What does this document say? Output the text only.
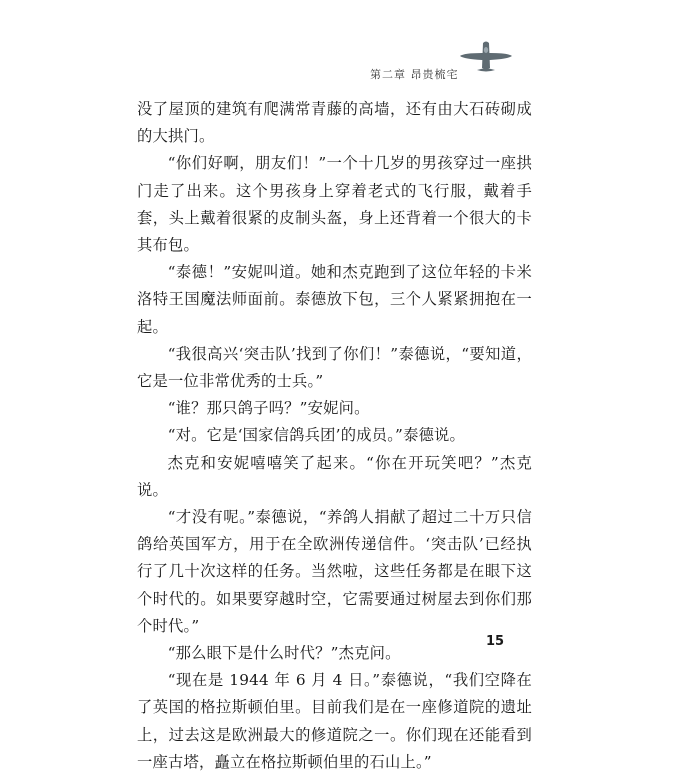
第二章 昂贵梳宅

没了屋顶的建筑有爬满常青藤的高墙，还有由大石砖砌成的大拱门。

“你们好啊，朋友们！”一个十几岁的男孩穿过一座拱门走了出来。这个男孩身上穿着老式的飞行服，戴着手套，头上戴着很紧的皮制头盔，身上还背着一个很大的卡其布包。

“泰德！”安妮叫道。她和杰克跑到了这位年轻的卡米洛特王国魔法师面前。泰德放下包，三个人紧紧拥抱在一起。

“我很高兴‘突击队’找到了你们！”泰德说，“要知道，它是一位非常优秀的士兵。”

“谁？那只鸽子吗？”安妮问。

“对。它是‘国家信鸽兵团’的成员。”泰德说。

杰克和安妮嘻嘻笑了起来。“你在开玩笑吧？”杰克说。

“才没有呢。”泰德说，“养鸽人捐献了超过二十万只信鸽给英国军方，用于在全欧洲传递信件。‘突击队’已经执行了几十次这样的任务。当然啦，这些任务都是在眼下这个时代的。如果要穿越时空，它需要通过树屋去到你们那个时代。”

“那么眼下是什么时代？”杰克问。

“现在是 1944 年 6 月 4 日。”泰德说，“我们空降在了英国的格拉斯顿伯里。目前我们是在一座修道院的遗址上，过去这是欧洲最大的修道院之一。你们现在还能看到一座古塔，矗立在格拉斯顿伯里的石山上。”

15
